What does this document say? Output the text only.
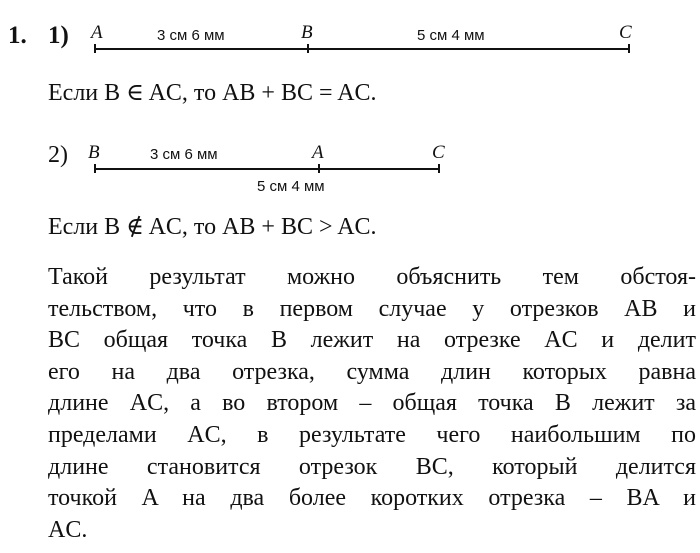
1. 1) A	B	C
3 см 6 мм	5 см 4 мм
Если B ∈ AC, то AB + BC = AC.
2) B	A	C
3 см 6 мм
5 см 4 мм
Если B ∉ AC, то AB + BC > AC.
Такой результат можно объяснить тем обстоя-
тельством, что в первом случае у отрезков AB и
BC общая точка B лежит на отрезке AC и делит
его на два отрезка, сумма длин которых равна
длине AC, а во втором – общая точка B лежит за
пределами AC, в результате чего наибольшим по
длине становится отрезок BC, который делится
точкой A на два более коротких отрезка – BA и
AC.
